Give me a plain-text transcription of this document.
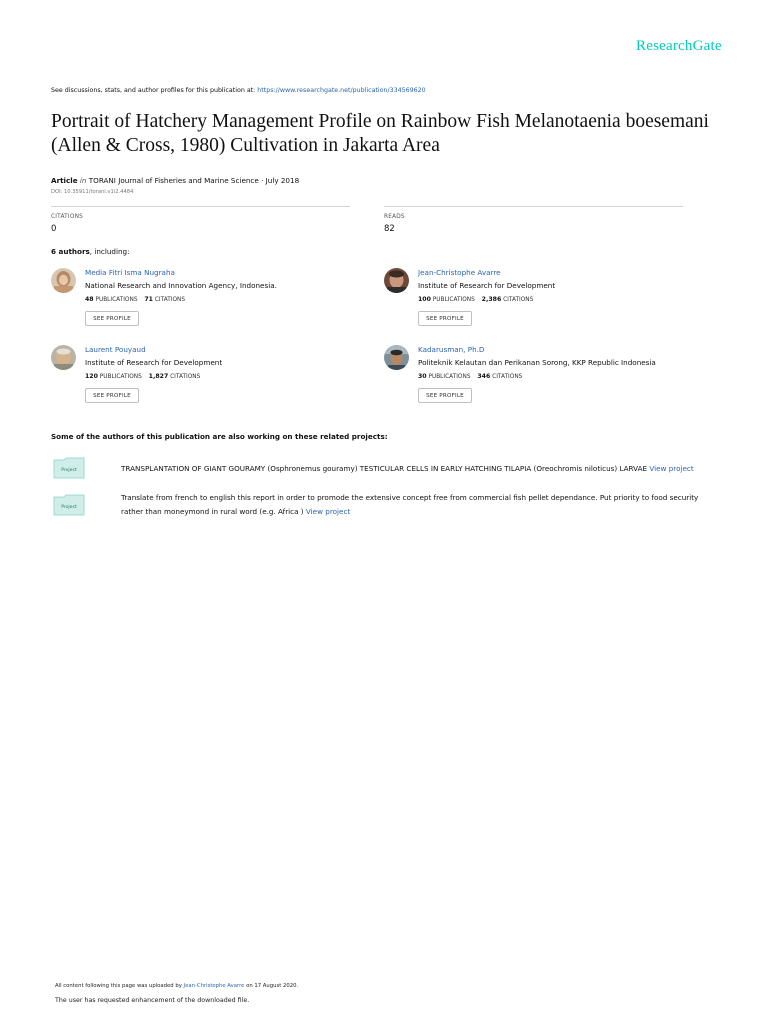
ResearchGate
See discussions, stats, and author profiles for this publication at: https://www.researchgate.net/publication/334569620
Portrait of Hatchery Management Profile on Rainbow Fish Melanotaenia boesemani (Allen & Cross, 1980) Cultivation in Jakarta Area
Article in TORANI Journal of Fisheries and Marine Science · July 2018
DOI: 10.35911/torani.v1i2.4484
CITATIONS
0
READS
82
6 authors, including:
Media Fitri Isma Nugraha
National Research and Innovation Agency, Indonesia.
48 PUBLICATIONS 71 CITATIONS
SEE PROFILE
Jean-Christophe Avarre
Institute of Research for Development
100 PUBLICATIONS 2,386 CITATIONS
SEE PROFILE
Laurent Pouyaud
Institute of Research for Development
120 PUBLICATIONS 1,827 CITATIONS
SEE PROFILE
Kadarusman, Ph.D
Politeknik Kelautan dan Perikanan Sorong, KKP Republic Indonesia
30 PUBLICATIONS 346 CITATIONS
SEE PROFILE
Some of the authors of this publication are also working on these related projects:
Project	TRANSPLANTATION OF GIANT GOURAMY (Osphronemus gouramy) TESTICULAR CELLS IN EARLY HATCHING TILAPIA (Oreochromis niloticus) LARVAE View project
Project
Translate from french to english this report in order to promode the extensive concept free from commercial fish pellet dependance. Put priority to food security rather than moneymond in rural word (e.g. Africa ) View project
All content following this page was uploaded by Jean-Christophe Avarre on 17 August 2020.
The user has requested enhancement of the downloaded file.
